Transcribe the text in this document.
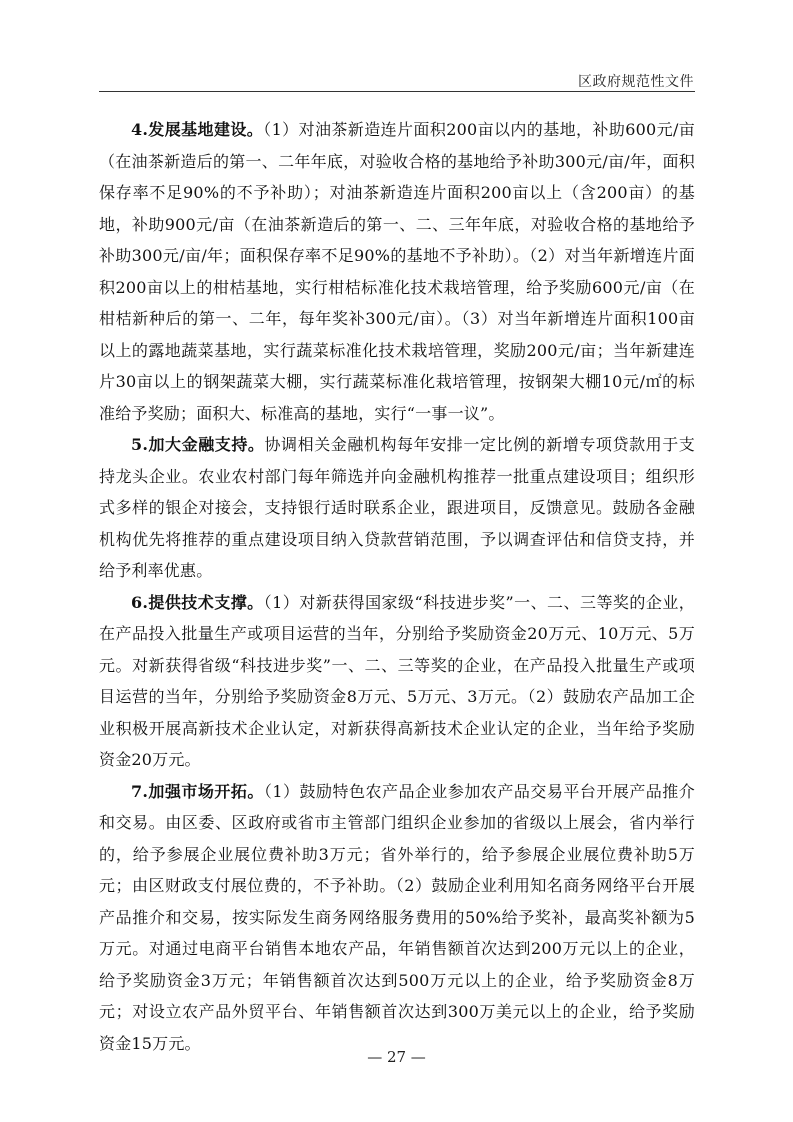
区政府规范性文件

4.发展基地建设。（1）对油茶新造连片面积200亩以内的基地，补助600元/亩（在油茶新造后的第一、二年年底，对验收合格的基地给予补助300元/亩/年，面积保存率不足90%的不予补助）；对油茶新造连片面积200亩以上（含200亩）的基地，补助900元/亩（在油茶新造后的第一、二、三年年底，对验收合格的基地给予补助300元/亩/年；面积保存率不足90%的基地不予补助）。（2）对当年新增连片面积200亩以上的柑桔基地，实行柑桔标准化技术栽培管理，给予奖励600元/亩（在柑桔新种后的第一、二年，每年奖补300元/亩）。（3）对当年新增连片面积100亩以上的露地蔬菜基地，实行蔬菜标准化技术栽培管理，奖励200元/亩；当年新建连片30亩以上的钢架蔬菜大棚，实行蔬菜标准化栽培管理，按钢架大棚10元/㎡的标准给予奖励；面积大、标准高的基地，实行“一事一议”。

5.加大金融支持。协调相关金融机构每年安排一定比例的新增专项贷款用于支持龙头企业。农业农村部门每年筛选并向金融机构推荐一批重点建设项目；组织形式多样的银企对接会，支持银行适时联系企业，跟进项目，反馈意见。鼓励各金融机构优先将推荐的重点建设项目纳入贷款营销范围，予以调查评估和信贷支持，并给予利率优惠。

6.提供技术支撑。（1）对新获得国家级“科技进步奖”一、二、三等奖的企业，在产品投入批量生产或项目运营的当年，分别给予奖励资金20万元、10万元、5万元。对新获得省级“科技进步奖”一、二、三等奖的企业，在产品投入批量生产或项目运营的当年，分别给予奖励资金8万元、5万元、3万元。（2）鼓励农产品加工企业积极开展高新技术企业认定，对新获得高新技术企业认定的企业，当年给予奖励资金20万元。

7.加强市场开拓。（1）鼓励特色农产品企业参加农产品交易平台开展产品推介和交易。由区委、区政府或省市主管部门组织企业参加的省级以上展会，省内举行的，给予参展企业展位费补助3万元；省外举行的，给予参展企业展位费补助5万元；由区财政支付展位费的，不予补助。（2）鼓励企业利用知名商务网络平台开展产品推介和交易，按实际发生商务网络服务费用的50%给予奖补，最高奖补额为5万元。对通过电商平台销售本地农产品，年销售额首次达到200万元以上的企业，给予奖励资金3万元；年销售额首次达到500万元以上的企业，给予奖励资金8万元；对设立农产品外贸平台、年销售额首次达到300万美元以上的企业，给予奖励资金15万元。

— 27 —
